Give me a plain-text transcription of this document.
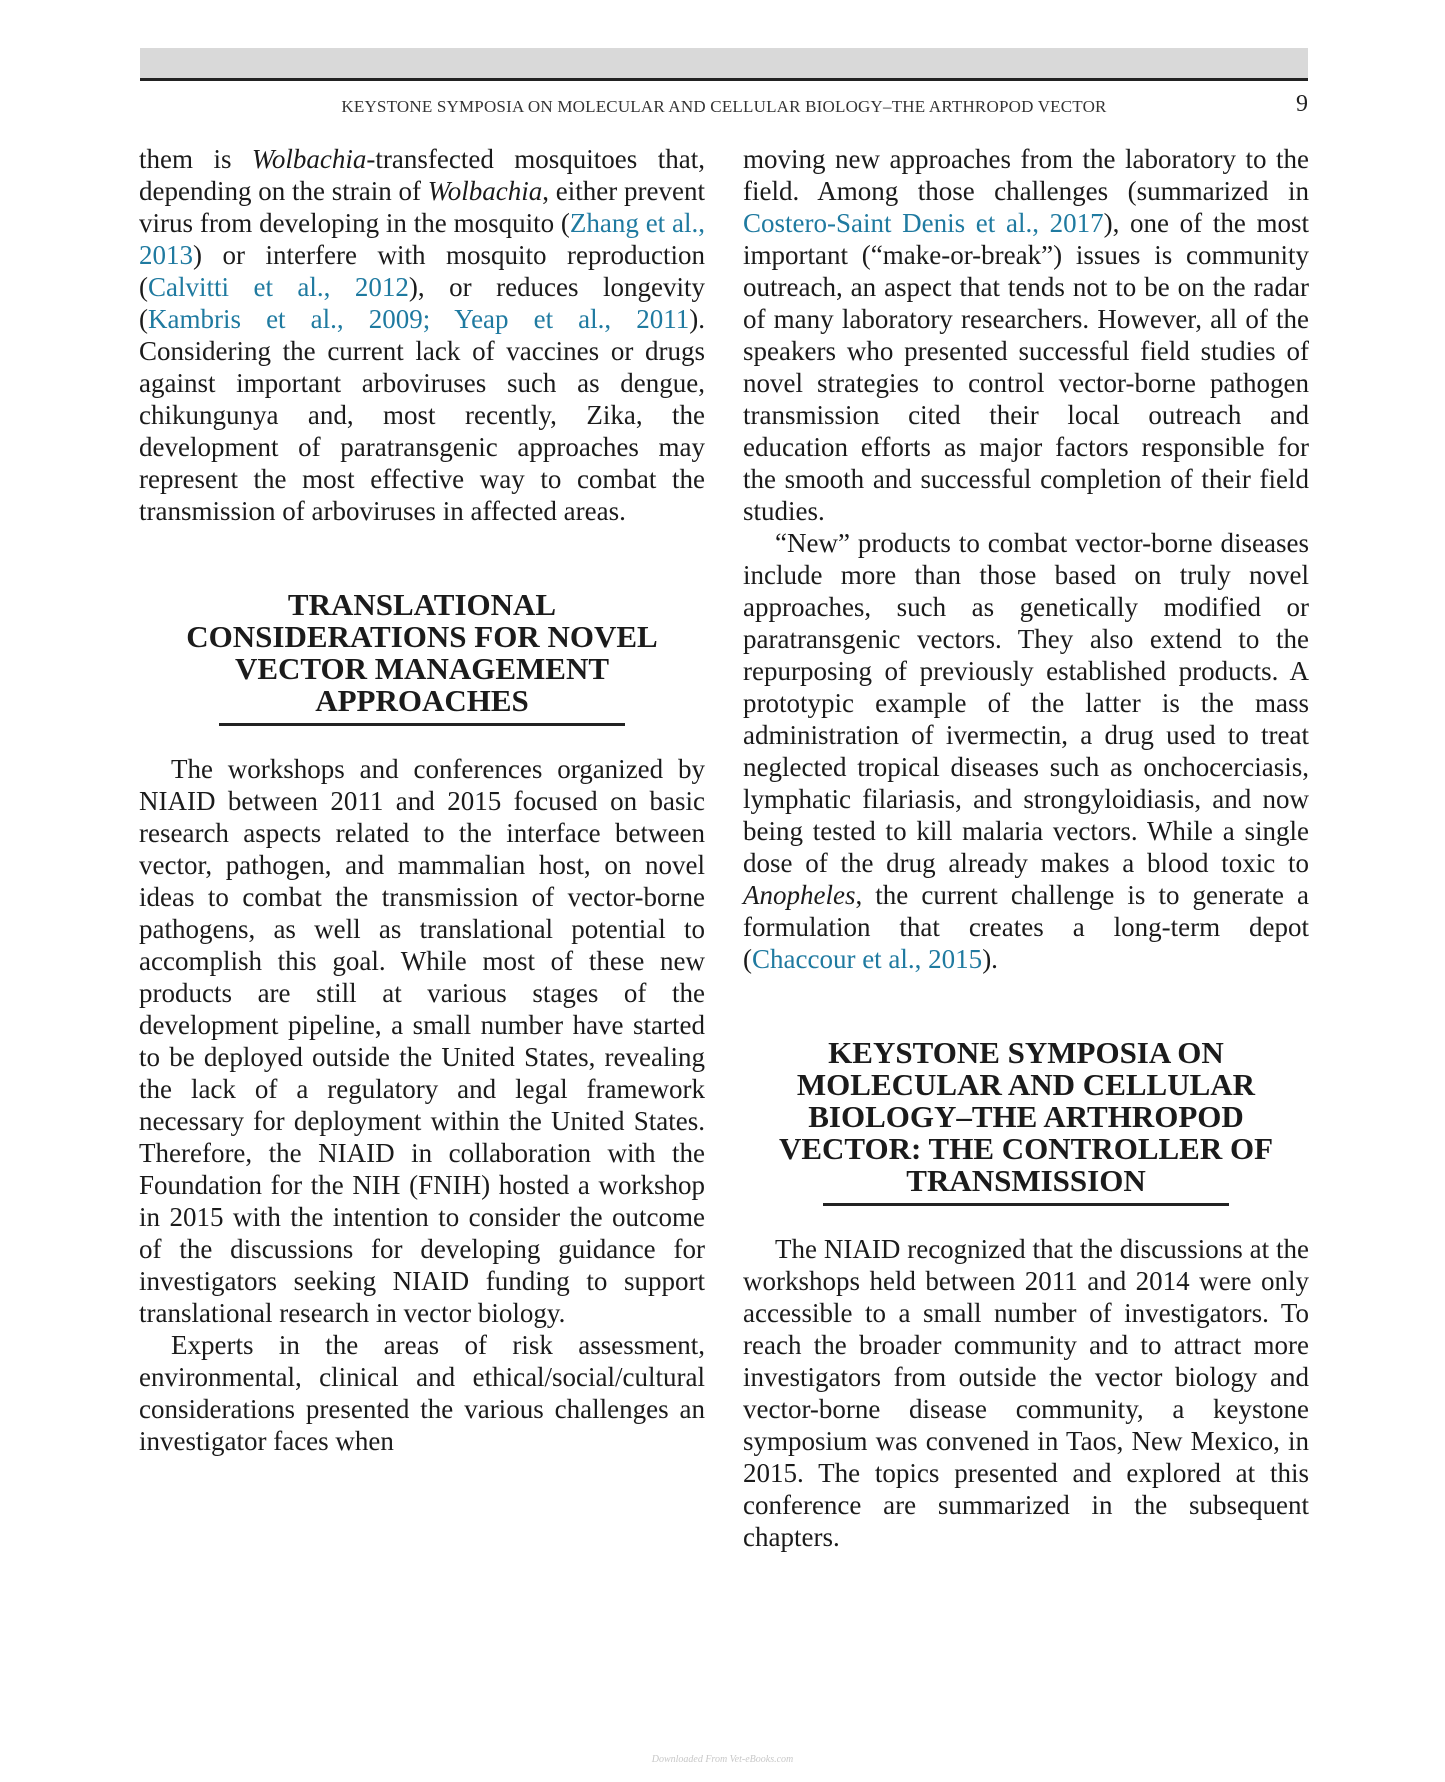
KEYSTONE SYMPOSIA ON MOLECULAR AND CELLULAR BIOLOGY–THE ARTHROPOD VECTOR	9

them is Wolbachia-transfected mosquitoes that, depending on the strain of Wolbachia, either prevent virus from developing in the mosquito (Zhang et al., 2013) or interfere with mosquito reproduction (Calvitti et al., 2012), or reduces longevity (Kambris et al., 2009; Yeap et al., 2011). Considering the current lack of vaccines or drugs against important arboviruses such as dengue, chikungunya and, most recently, Zika, the development of paratransgenic approaches may represent the most effective way to combat the transmission of arboviruses in affected areas.

TRANSLATIONAL
CONSIDERATIONS FOR NOVEL
VECTOR MANAGEMENT
APPROACHES

The workshops and conferences organized by NIAID between 2011 and 2015 focused on basic research aspects related to the interface between vector, pathogen, and mammalian host, on novel ideas to combat the transmission of vector-borne pathogens, as well as translational potential to accomplish this goal. While most of these new products are still at various stages of the development pipeline, a small number have started to be deployed outside the United States, revealing the lack of a regulatory and legal framework necessary for deployment within the United States. Therefore, the NIAID in collaboration with the Foundation for the NIH (FNIH) hosted a workshop in 2015 with the intention to consider the outcome of the discussions for developing guidance for investigators seeking NIAID funding to support translational research in vector biology.

Experts in the areas of risk assessment, environmental, clinical and ethical/social/cultural considerations presented the various challenges an investigator faces when

moving new approaches from the laboratory to the field. Among those challenges (summarized in Costero-Saint Denis et al., 2017), one of the most important (“make-or-break”) issues is community outreach, an aspect that tends not to be on the radar of many laboratory researchers. However, all of the speakers who presented successful field studies of novel strategies to control vector-borne pathogen transmission cited their local outreach and education efforts as major factors responsible for the smooth and successful completion of their field studies.

“New” products to combat vector-borne diseases include more than those based on truly novel approaches, such as genetically modified or paratransgenic vectors. They also extend to the repurposing of previously established products. A prototypic example of the latter is the mass administration of ivermectin, a drug used to treat neglected tropical diseases such as onchocerciasis, lymphatic filariasis, and strongyloidiasis, and now being tested to kill malaria vectors. While a single dose of the drug already makes a blood toxic to Anopheles, the current challenge is to generate a formulation that creates a long-term depot (Chaccour et al., 2015).

KEYSTONE SYMPOSIA ON
MOLECULAR AND CELLULAR
BIOLOGY–THE ARTHROPOD
VECTOR: THE CONTROLLER OF
TRANSMISSION

The NIAID recognized that the discussions at the workshops held between 2011 and 2014 were only accessible to a small number of investigators. To reach the broader community and to attract more investigators from outside the vector biology and vector-borne disease community, a keystone symposium was convened in Taos, New Mexico, in 2015. The topics presented and explored at this conference are summarized in the subsequent chapters.

Downloaded From Vet-eBooks.com
